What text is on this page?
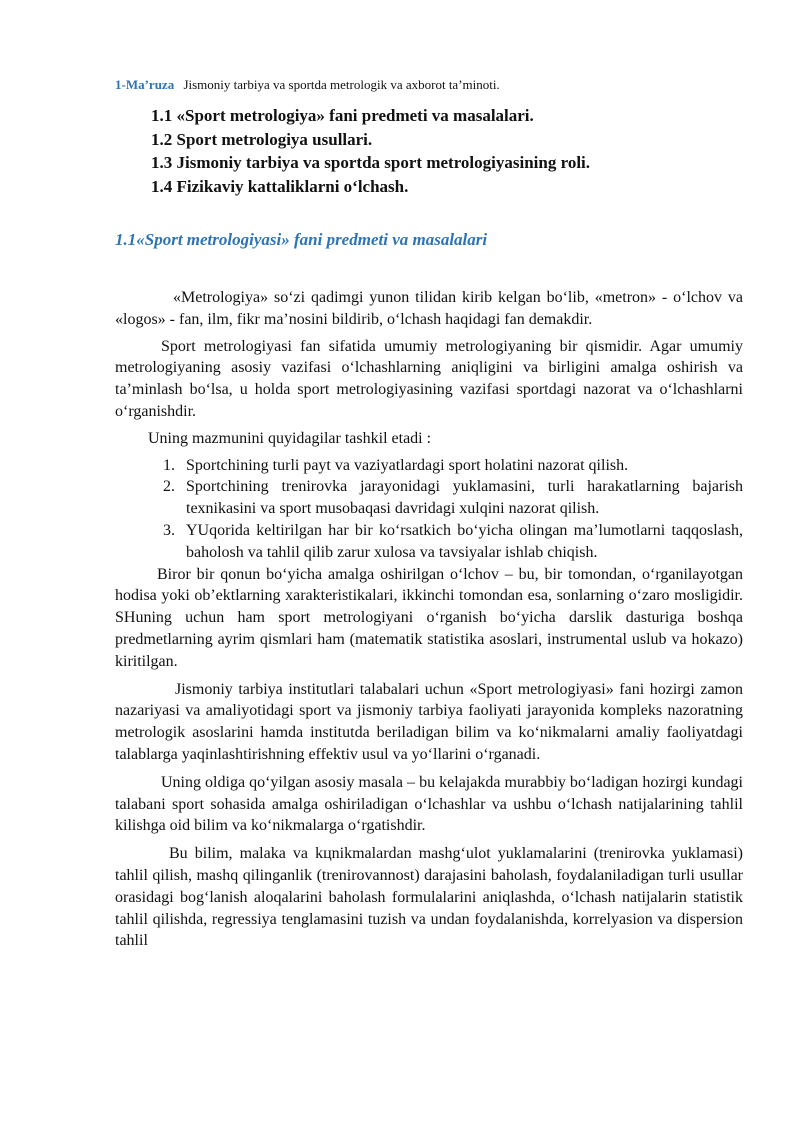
1-Ma’ruza Jismoniy tarbiya va sportda metrologik va axborot ta’minoti.
1.1 «Sport metrologiya» fani predmeti va masalalari.
1.2 Sport metrologiya usullari.
1.3 Jismoniy tarbiya va sportda sport metrologiyasining roli.
1.4 Fizikaviy kattaliklarni o‘lchash.
1.1«Sport metrologiyasi» fani predmeti va masalalari

«Metrologiya» so‘zi qadimgi yunon tilidan kirib kelgan bo‘lib, «metron» - o‘lchov va «logos» - fan, ilm, fikr ma’nosini bildirib, o‘lchash haqidagi fan demakdir.

Sport metrologiyasi fan sifatida umumiy metrologiyaning bir qismidir. Agar umumiy metrologiyaning asosiy vazifasi o‘lchashlarning aniqligini va birligini amalga oshirish va ta’minlash bo‘lsa, u holda sport metrologiyasining vazifasi sportdagi nazorat va o‘lchashlarni o‘rganishdir.

Uning mazmunini quyidagilar tashkil etadi :

1. Sportchining turli payt va vaziyatlardagi sport holatini nazorat qilish.
2. Sportchining trenirovka jarayonidagi yuklamasini, turli harakatlarning bajarish texnikasini va sport musobaqasi davridagi xulqini nazorat qilish.
3. YUqorida keltirilgan har bir ko‘rsatkich bo‘yicha olingan ma’lumotlarni taqqoslash, baholosh va tahlil qilib zarur xulosa va tavsiyalar ishlab chiqish.

Biror bir qonun bo‘yicha amalga oshirilgan o‘lchov – bu, bir tomondan, o‘rganilayotgan hodisa yoki ob’ektlarning xarakteristikalari, ikkinchi tomondan esa, sonlarning o‘zaro mosligidir. SHuning uchun ham sport metrologiyani o‘rganish bo‘yicha darslik dasturiga boshqa predmetlarning ayrim qismlari ham (matematik statistika asoslari, instrumental uslub va hokazo) kiritilgan.

Jismoniy tarbiya institutlari talabalari uchun «Sport metrologiyasi» fani hozirgi zamon nazariyasi va amaliyotidagi sport va jismoniy tarbiya faoliyati jarayonida kompleks nazoratning metrologik asoslarini hamda institutda beriladigan bilim va ko‘nikmalarni amaliy faoliyatdagi talablarga yaqinlashtirishning effektiv usul va yo‘llarini o‘rganadi.

Uning oldiga qo‘yilgan asosiy masala – bu kelajakda murabbiy bo‘ladigan hozirgi kundagi talabani sport sohasida amalga oshiriladigan o‘lchashlar va ushbu o‘lchash natijalarining tahlil kilishga oid bilim va ko‘nikmalarga o‘rgatishdir.

Bu bilim, malaka va kцnikmalardan mashg‘ulot yuklamalarini (trenirovka yuklamasi) tahlil qilish, mashq qilinganlik (trenirovannost) darajasini baholash, foydalaniladigan turli usullar orasidagi bog‘lanish aloqalarini baholash formulalarini aniqlashda, o‘lchash natijalarin statistik tahlil qilishda, regressiya tenglamasini tuzish va undan foydalanishda, korrelyasion va dispersion tahlil
